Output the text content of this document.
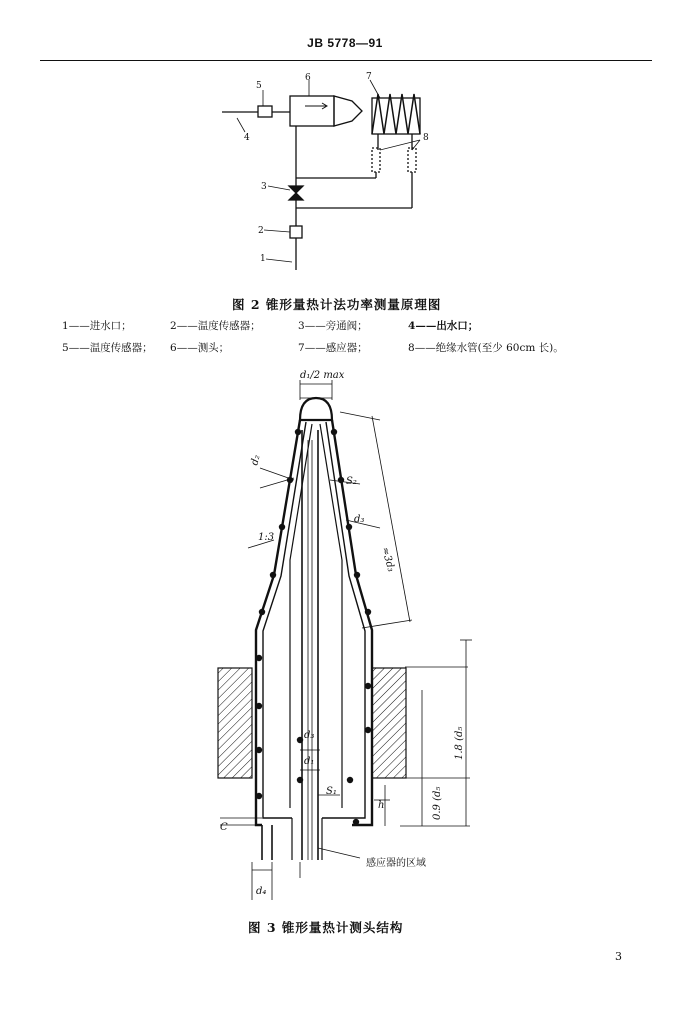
JB 5778—91
5
6	7
8
4
3
2
1
图 2 锥形量热计法功率测量原理图
1——进水口；	2——温度传感器；	3——旁通阀；	4——出水口；
5——温度传感器； 6——测头；	7——感应器；	8——绝缘水管(至少 60cm 长)。
d₁/2 max
d₂
S₂
d₃
1:3
≈3d₃
d₃
d₁
S₁
1.8 (d₅
0.9 (d₅
h
C
d₄
感应器的区域
图 3 锥形量热计测头结构
3
